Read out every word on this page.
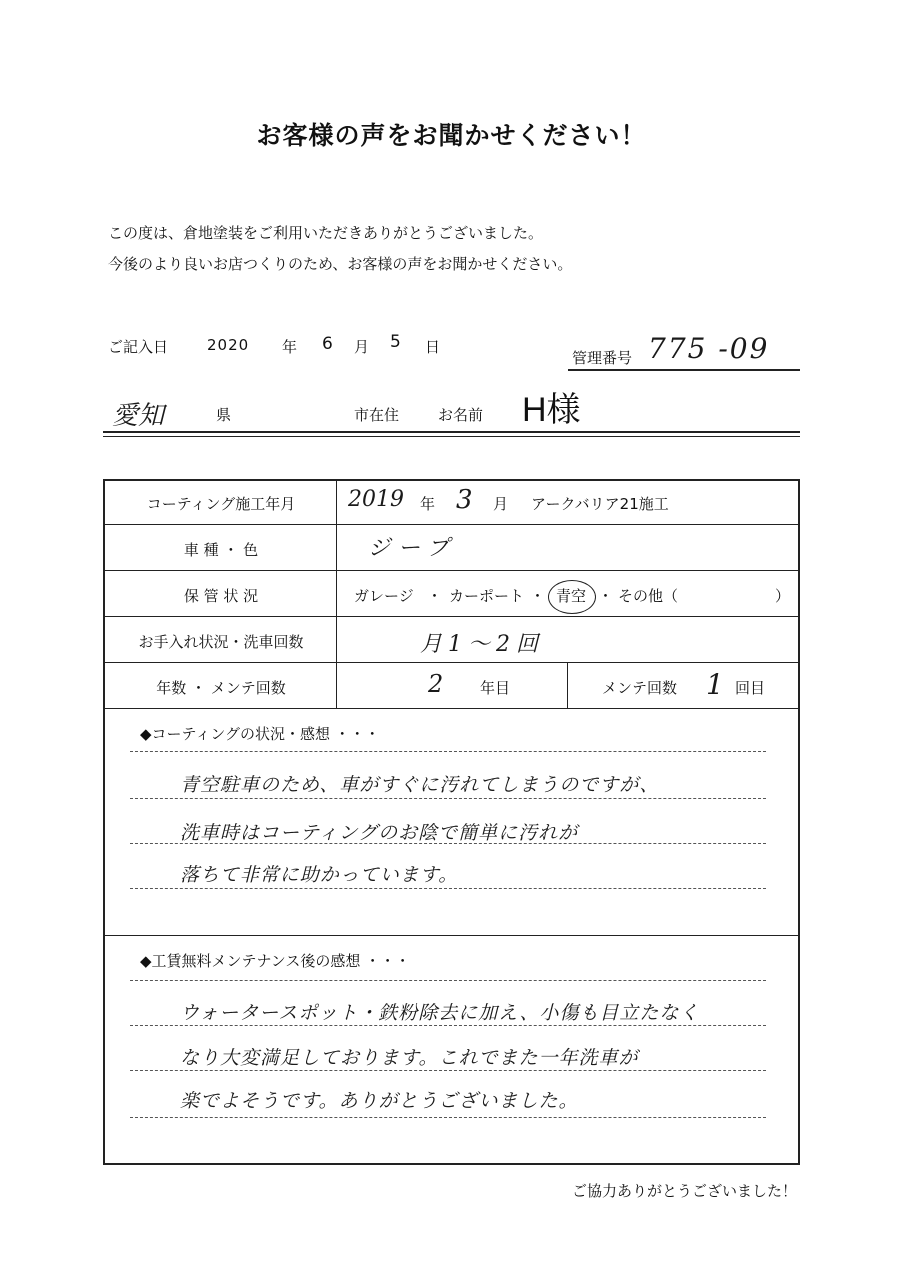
お客様の声をお聞かせください！
この度は、倉地塗装をご利用いただきありがとうございました。
今後のより良いお店つくりのため、お客様の声をお聞かせください。
ご記入日	2020 年 6 月 5 日
管理番号 775 -09
愛知	県	市在住	お名前 H様
コーティング施工年月	2019 年 3 月 アークバリア21施工
車 種 ・ 色	ジープ
保 管 状 況	ガレージ ・ カーポート ・ 青空 ・ その他（	）
お手入れ状況・洗車回数	月1～2回
年数 ・ メンテ回数	2 年目	メンテ回数 1 回目
◆コーティングの状況・感想 ・・・
青空駐車のため、車がすぐに汚れてしまうのですが、
洗車時はコーティングのお陰で簡単に汚れが
落ちて非常に助かっています。
◆工賃無料メンテナンス後の感想 ・・・
ウォータースポット・鉄粉除去に加え、小傷も目立たなく
なり大変満足しております。これでまた一年洗車が
楽でよそうです。ありがとうございました。
ご協力ありがとうございました！
